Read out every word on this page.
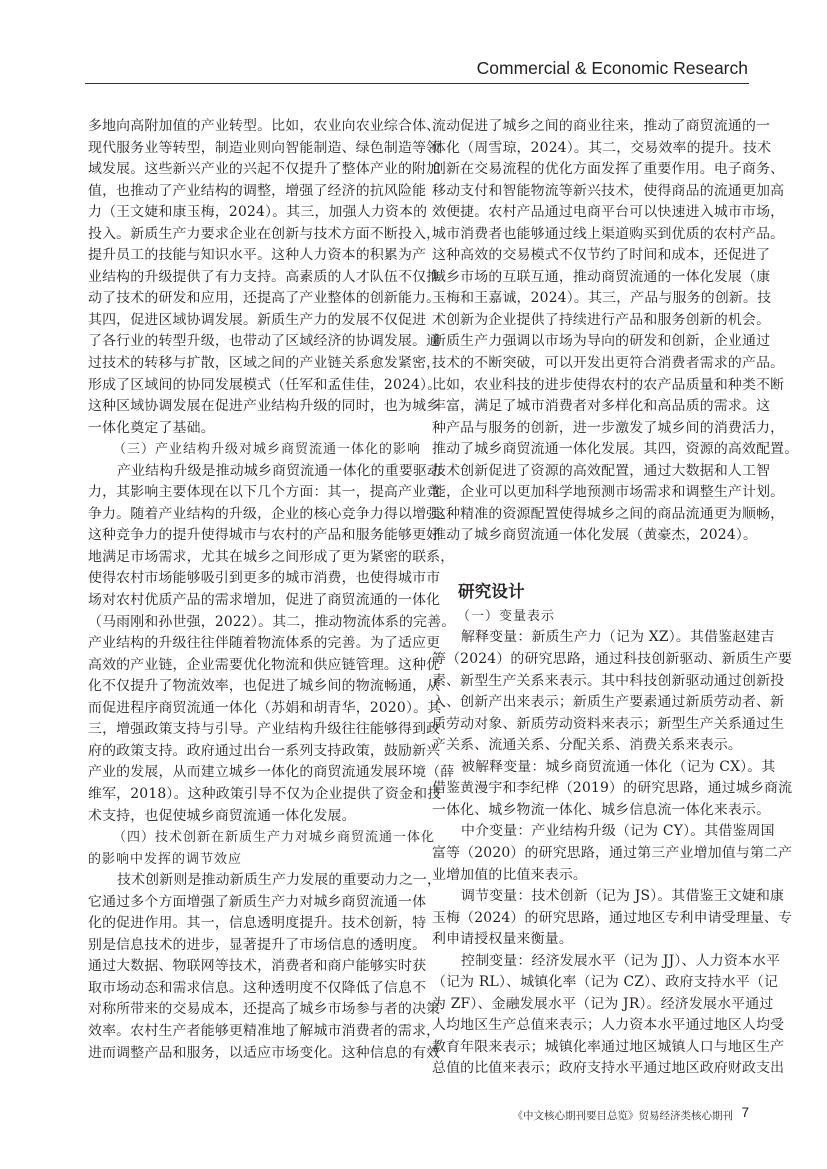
Commercial & Economic Research
多地向高附加值的产业转型。比如，农业向农业综合体、
现代服务业等转型，制造业则向智能制造、绿色制造等领
域发展。这些新兴产业的兴起不仅提升了整体产业的附加
值，也推动了产业结构的调整，增强了经济的抗风险能
力（王文婕和康玉梅，2024）。其三，加强人力资本的
投入。新质生产力要求企业在创新与技术方面不断投入，
提升员工的技能与知识水平。这种人力资本的积累为产
业结构的升级提供了有力支持。高素质的人才队伍不仅推
动了技术的研发和应用，还提高了产业整体的创新能力。
其四，促进区域协调发展。新质生产力的发展不仅促进
了各行业的转型升级，也带动了区域经济的协调发展。通
过技术的转移与扩散，区域之间的产业链关系愈发紧密，
形成了区域间的协同发展模式（任军和孟佳佳，2024）。
这种区域协调发展在促进产业结构升级的同时，也为城乡
一体化奠定了基础。
（三）产业结构升级对城乡商贸流通一体化的影响
产业结构升级是推动城乡商贸流通一体化的重要驱动
力，其影响主要体现在以下几个方面：其一，提高产业竞
争力。随着产业结构的升级，企业的核心竞争力得以增强。
这种竞争力的提升使得城市与农村的产品和服务能够更好
地满足市场需求，尤其在城乡之间形成了更为紧密的联系，
使得农村市场能够吸引到更多的城市消费，也使得城市市
场对农村优质产品的需求增加，促进了商贸流通的一体化
（马雨刚和孙世强，2022）。其二，推动物流体系的完善。
产业结构的升级往往伴随着物流体系的完善。为了适应更
高效的产业链，企业需要优化物流和供应链管理。这种优
化不仅提升了物流效率，也促进了城乡间的物流畅通，从
而促进程序商贸流通一体化（苏娟和胡青华，2020）。其
三，增强政策支持与引导。产业结构升级往往能够得到政
府的政策支持。政府通过出台一系列支持政策，鼓励新兴
产业的发展，从而建立城乡一体化的商贸流通发展环境（薛
维军，2018）。这种政策引导不仅为企业提供了资金和技
术支持，也促使城乡商贸流通一体化发展。
（四）技术创新在新质生产力对城乡商贸流通一体化
的影响中发挥的调节效应
技术创新则是推动新质生产力发展的重要动力之一，
它通过多个方面增强了新质生产力对城乡商贸流通一体
化的促进作用。其一，信息透明度提升。技术创新，特
别是信息技术的进步，显著提升了市场信息的透明度。
通过大数据、物联网等技术，消费者和商户能够实时获
取市场动态和需求信息。这种透明度不仅降低了信息不
对称所带来的交易成本，还提高了城乡市场参与者的决策
效率。农村生产者能够更精准地了解城市消费者的需求，
进而调整产品和服务，以适应市场变化。这种信息的有效
流动促进了城乡之间的商业往来，推动了商贸流通的一
体化（周雪琼，2024）。其二，交易效率的提升。技术
创新在交易流程的优化方面发挥了重要作用。电子商务、
移动支付和智能物流等新兴技术，使得商品的流通更加高
效便捷。农村产品通过电商平台可以快速进入城市市场，
城市消费者也能够通过线上渠道购买到优质的农村产品。
这种高效的交易模式不仅节约了时间和成本，还促进了
城乡市场的互联互通，推动商贸流通的一体化发展（康
玉梅和王嘉诚，2024）。其三，产品与服务的创新。技
术创新为企业提供了持续进行产品和服务创新的机会。
新质生产力强调以市场为导向的研发和创新，企业通过
技术的不断突破，可以开发出更符合消费者需求的产品。
比如，农业科技的进步使得农村的农产品质量和种类不断
丰富，满足了城市消费者对多样化和高品质的需求。这
种产品与服务的创新，进一步激发了城乡间的消费活力，
推动了城乡商贸流通一体化发展。其四，资源的高效配置。
技术创新促进了资源的高效配置，通过大数据和人工智
能，企业可以更加科学地预测市场需求和调整生产计划。
这种精准的资源配置使得城乡之间的商品流通更为顺畅，
推动了城乡商贸流通一体化发展（黄豪杰，2024）。
研究设计
（一）变量表示
解释变量：新质生产力（记为 XZ）。其借鉴赵建吉
等（2024）的研究思路，通过科技创新驱动、新质生产要
素、新型生产关系来表示。其中科技创新驱动通过创新投
入、创新产出来表示；新质生产要素通过新质劳动者、新
质劳动对象、新质劳动资料来表示；新型生产关系通过生
产关系、流通关系、分配关系、消费关系来表示。
被解释变量：城乡商贸流通一体化（记为 CX）。其
借鉴黄漫宇和李纪桦（2019）的研究思路，通过城乡商流
一体化、城乡物流一体化、城乡信息流一体化来表示。
中介变量：产业结构升级（记为 CY）。其借鉴周国
富等（2020）的研究思路，通过第三产业增加值与第二产
业增加值的比值来表示。
调节变量：技术创新（记为 JS）。其借鉴王文婕和康
玉梅（2024）的研究思路，通过地区专利申请受理量、专
利申请授权量来衡量。
控制变量：经济发展水平（记为 JJ）、人力资本水平
（记为 RL）、城镇化率（记为 CZ）、政府支持水平（记
为 ZF）、金融发展水平（记为 JR）。经济发展水平通过
人均地区生产总值来表示；人力资本水平通过地区人均受
教育年限来表示；城镇化率通过地区城镇人口与地区生产
总值的比值来表示；政府支持水平通过地区政府财政支出
《中文核心期刊要目总览》贸易经济类核心期刊 7
